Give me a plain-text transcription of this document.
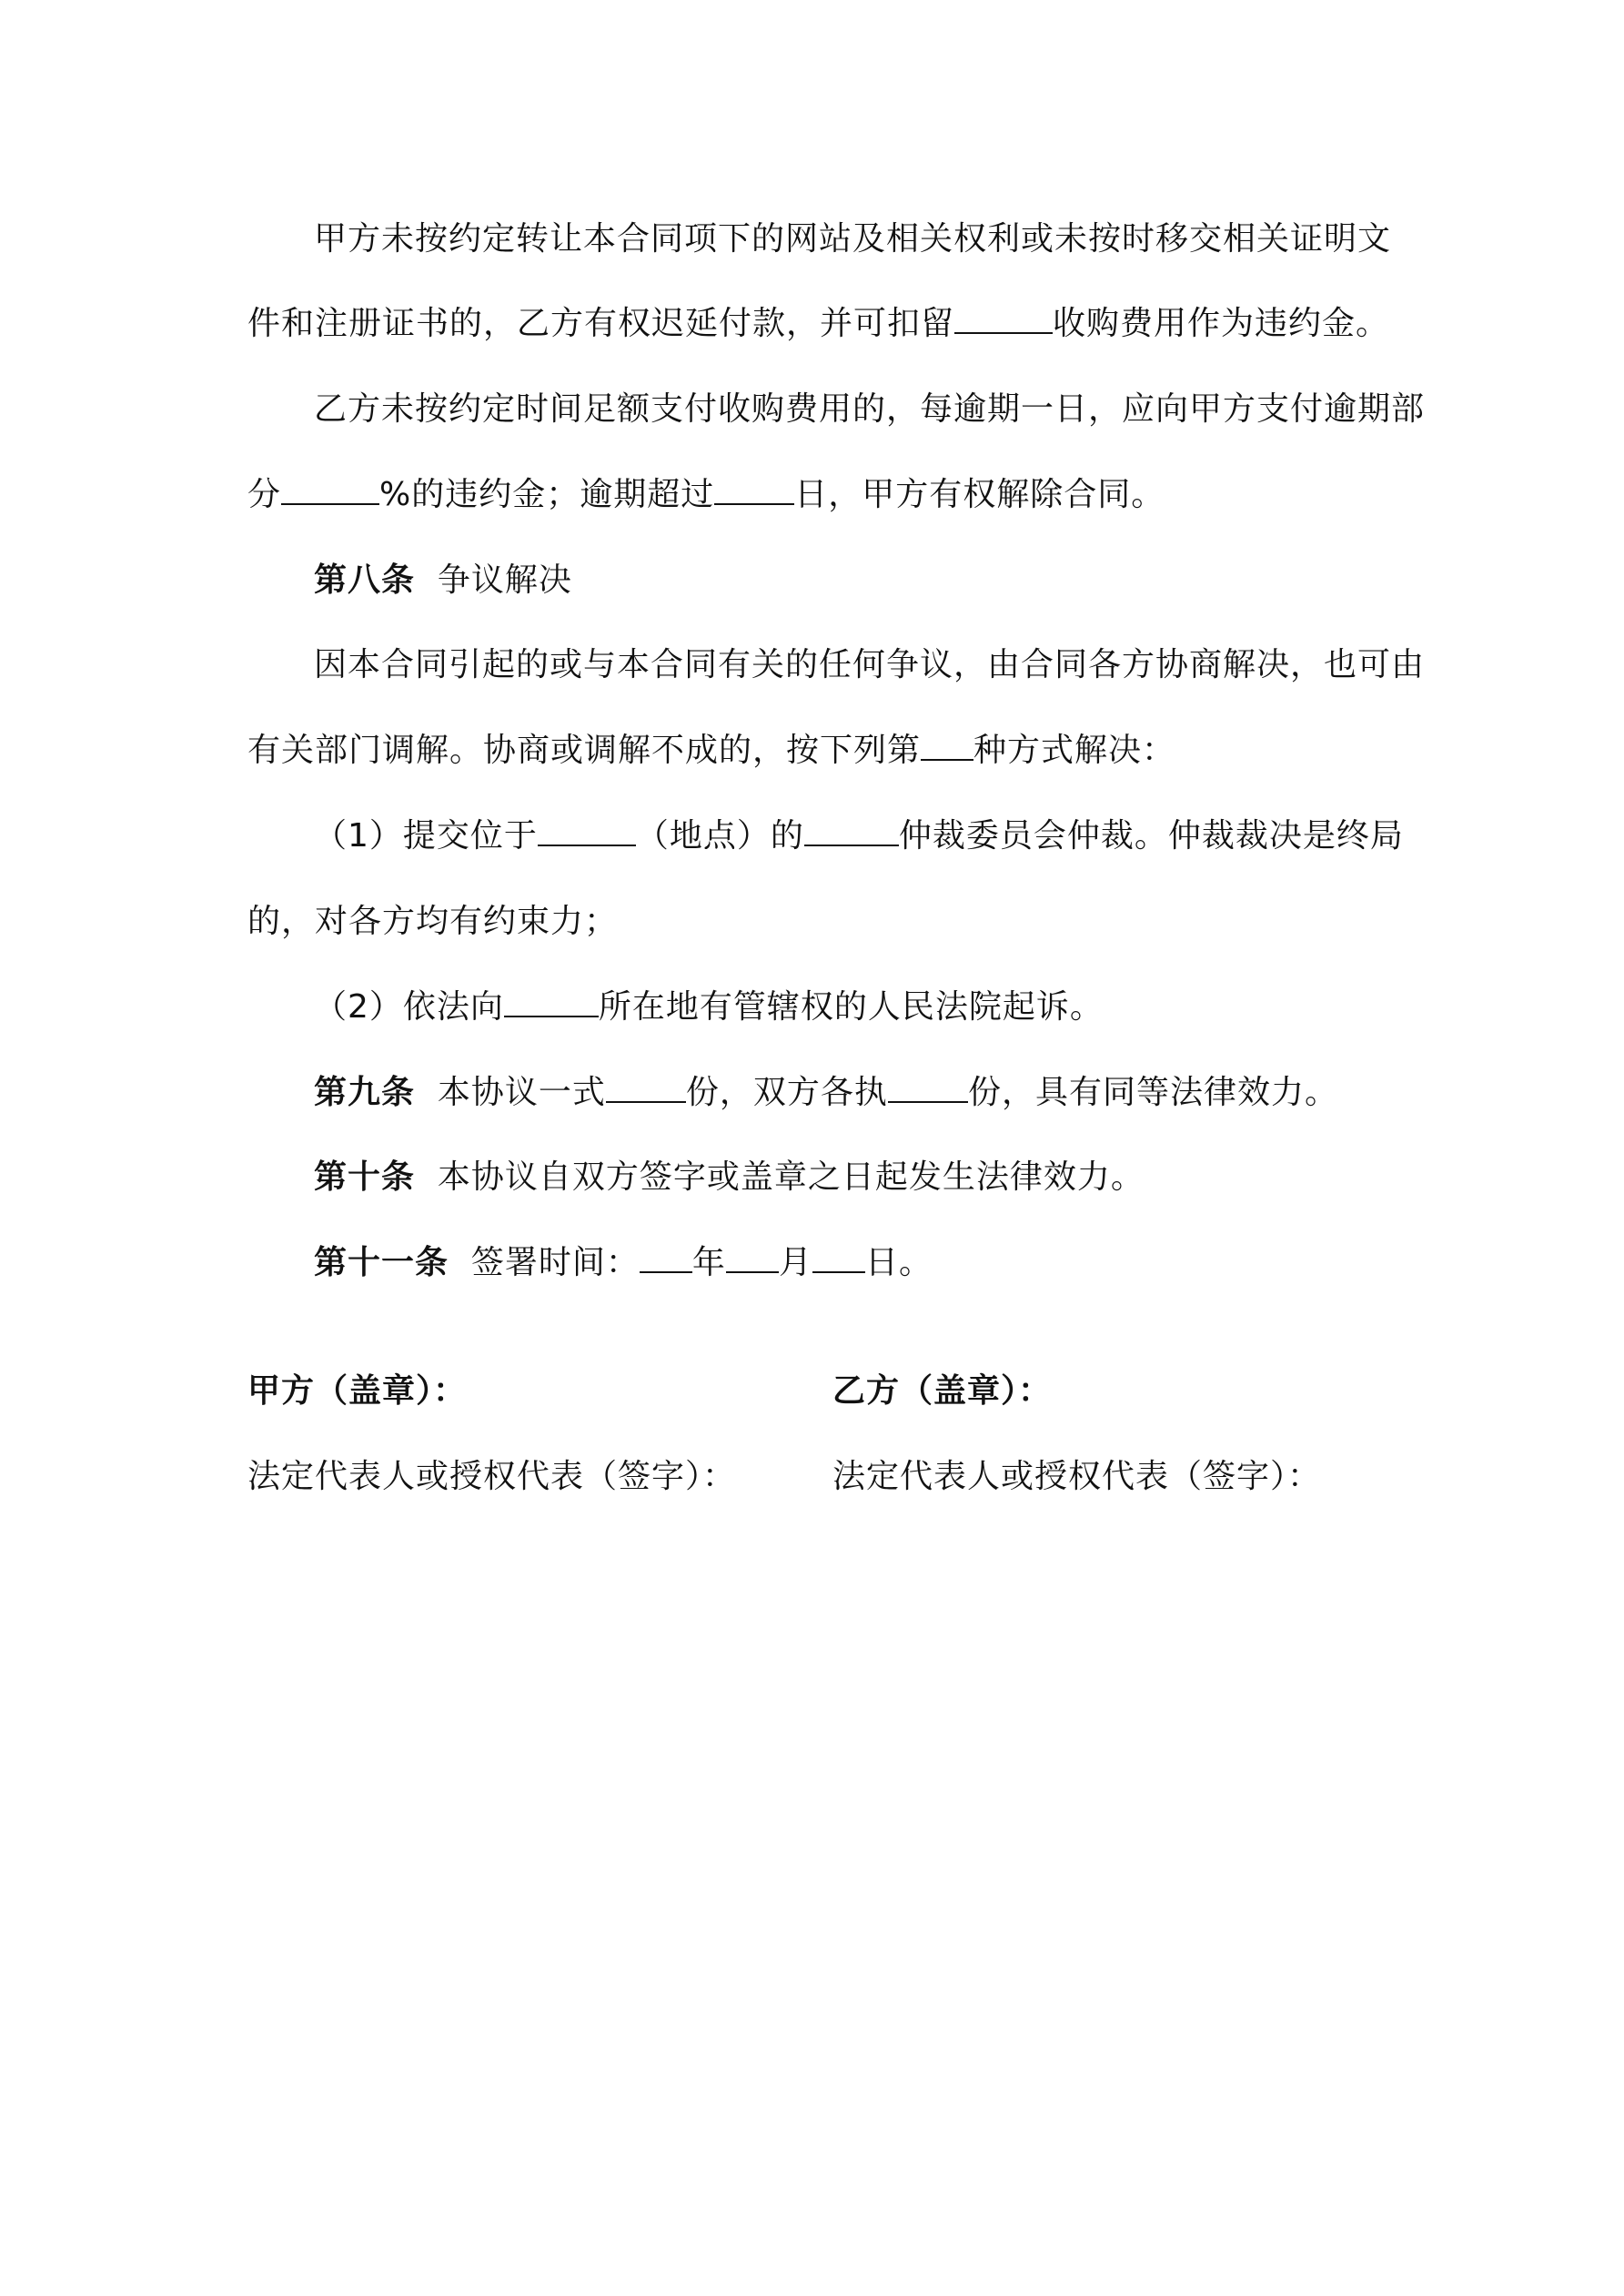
甲方未按约定转让本合同项下的网站及相关权利或未按时移交相关证明文
件和注册证书的，乙方有权迟延付款，并可扣留	收购费用作为违约金。
乙方未按约定时间足额支付收购费用的，每逾期一日，应向甲方支付逾期部
分	%的违约金；逾期超过 日，甲方有权解除合同。
第八条 争议解决
因本合同引起的或与本合同有关的任何争议，由合同各方协商解决，也可由
有关部门调解。协商或调解不成的，按下列第 种方式解决：
（1）提交位于	（地点）的	仲裁委员会仲裁。仲裁裁决是终局
的，对各方均有约束力；
（2）依法向	所在地有管辖权的人民法院起诉。
第九条 本协议一式 份，双方各执 份，具有同等法律效力。
第十条 本协议自双方签字或盖章之日起发生法律效力。
第十一条 签署时间： 年 月 日。
甲方（盖章）：	乙方（盖章）：
法定代表人或授权代表（签字）：	法定代表人或授权代表（签字）：
